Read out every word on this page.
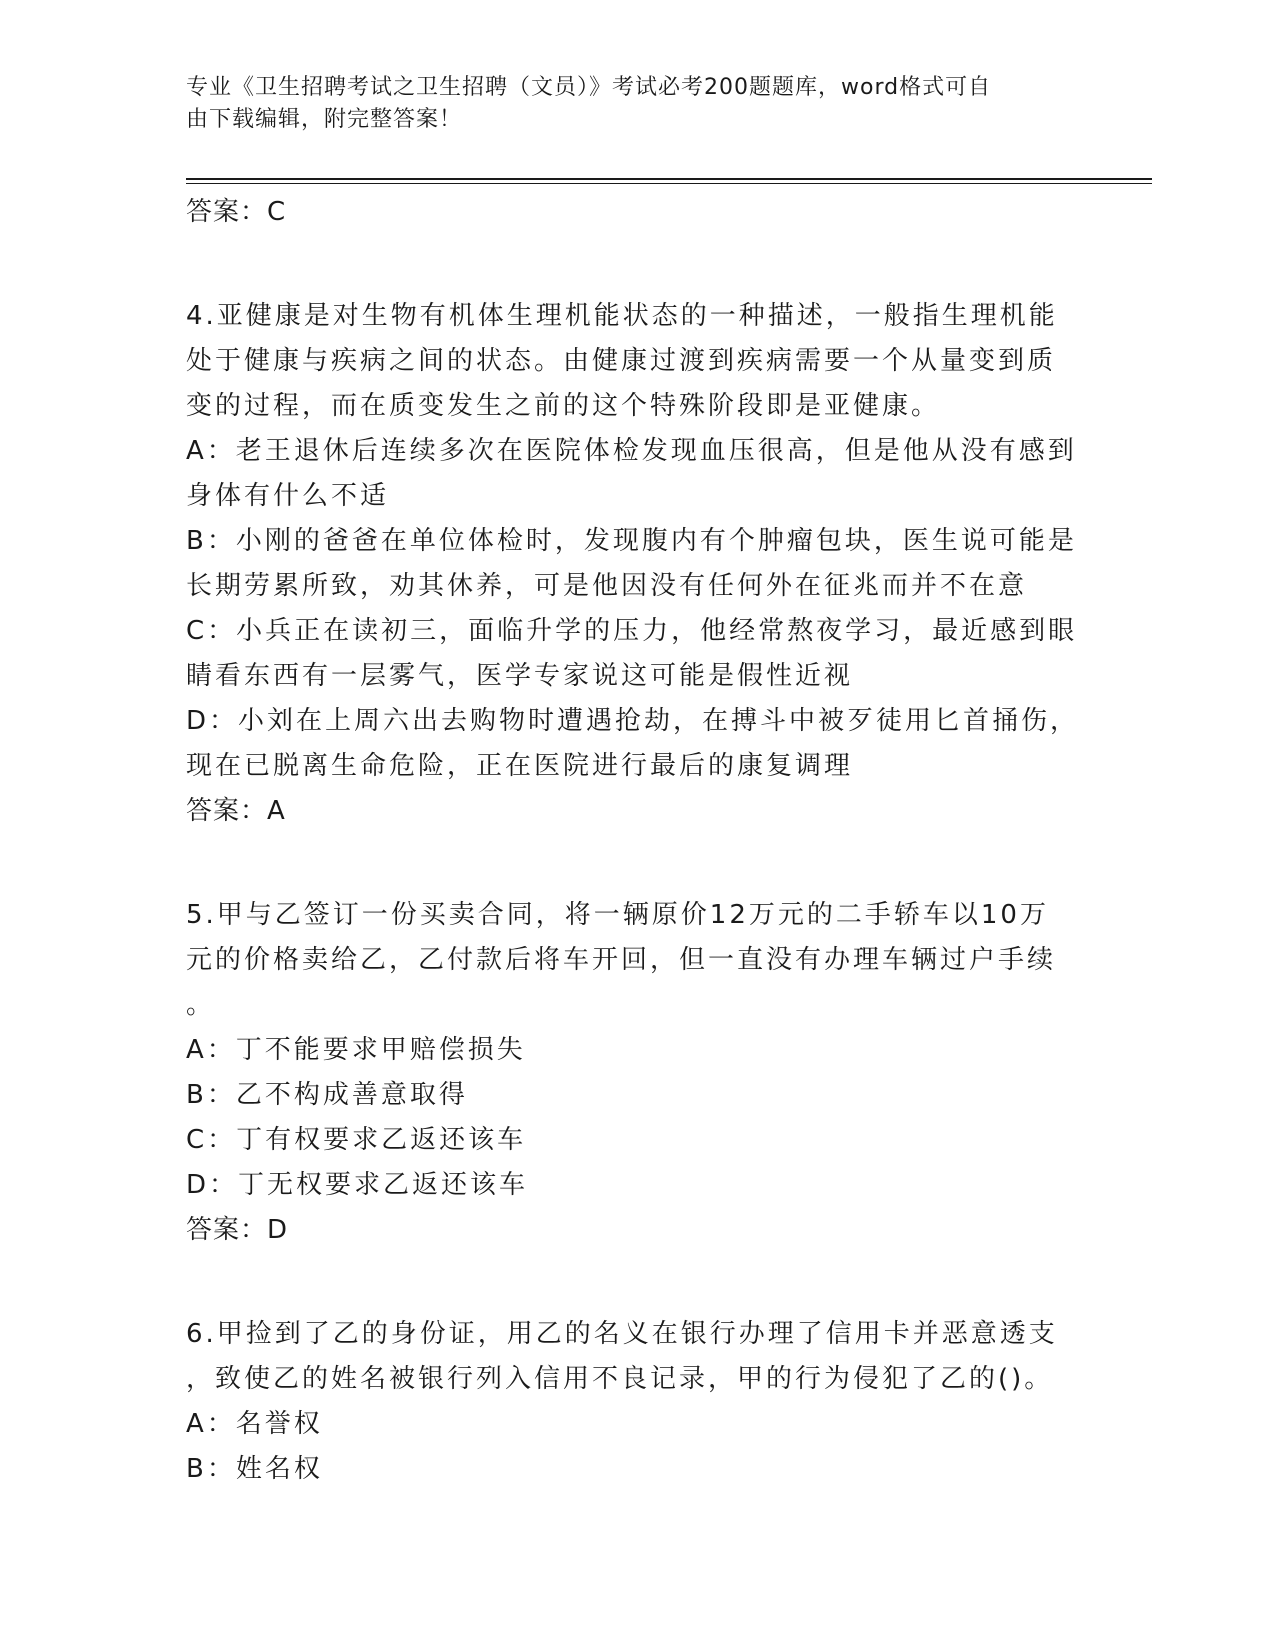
专业《卫生招聘考试之卫生招聘（文员）》考试必考200题题库，word格式可自
由下载编辑，附完整答案！
答案：C
4.亚健康是对生物有机体生理机能状态的一种描述，一般指生理机能
处于健康与疾病之间的状态。由健康过渡到疾病需要一个从量变到质
变的过程，而在质变发生之前的这个特殊阶段即是亚健康。
A：老王退休后连续多次在医院体检发现血压很高，但是他从没有感到
身体有什么不适
B：小刚的爸爸在单位体检时，发现腹内有个肿瘤包块，医生说可能是
长期劳累所致，劝其休养，可是他因没有任何外在征兆而并不在意
C：小兵正在读初三，面临升学的压力，他经常熬夜学习，最近感到眼
睛看东西有一层雾气，医学专家说这可能是假性近视
D：小刘在上周六出去购物时遭遇抢劫，在搏斗中被歹徒用匕首捅伤，
现在已脱离生命危险，正在医院进行最后的康复调理
答案：A
5.甲与乙签订一份买卖合同，将一辆原价12万元的二手轿车以10万
元的价格卖给乙，乙付款后将车开回，但一直没有办理车辆过户手续
。
A：丁不能要求甲赔偿损失
B：乙不构成善意取得
C：丁有权要求乙返还该车
D：丁无权要求乙返还该车
答案：D
6.甲捡到了乙的身份证，用乙的名义在银行办理了信用卡并恶意透支
，致使乙的姓名被银行列入信用不良记录，甲的行为侵犯了乙的()。
A：名誉权
B：姓名权
